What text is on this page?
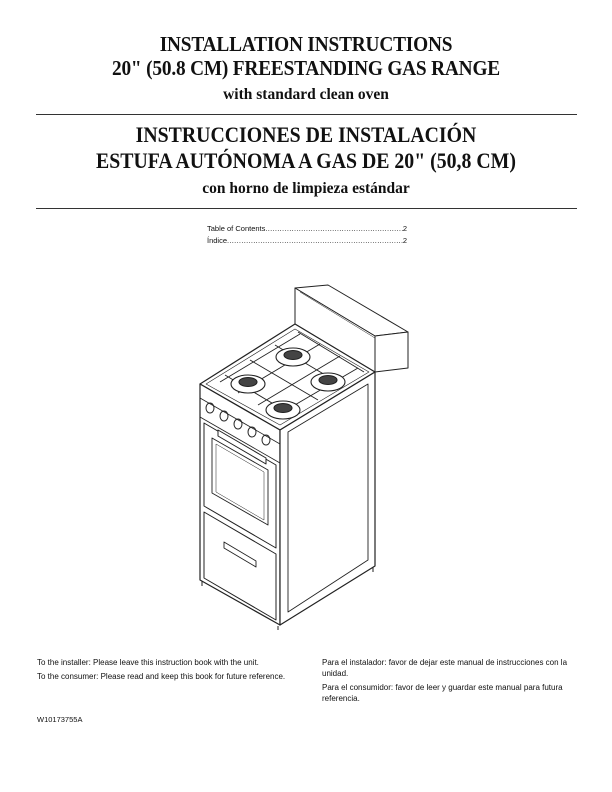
INSTALLATION INSTRUCTIONS
20" (50.8 CM) FREESTANDING GAS RANGE
with standard clean oven
INSTRUCCIONES DE INSTALACIÓN
ESTUFA AUTÓNOMA A GAS DE 20" (50,8 CM)
con horno de limpieza estándar
Table of Contents .....	2
Índice .....	2

To the installer: Please leave this instruction book with the unit.

To the consumer: Please read and keep this book for future reference.

Para el instalador: favor de dejar este manual de instrucciones con la unidad.

Para el consumidor: favor de leer y guardar este manual para futura referencia.

W10173755A
